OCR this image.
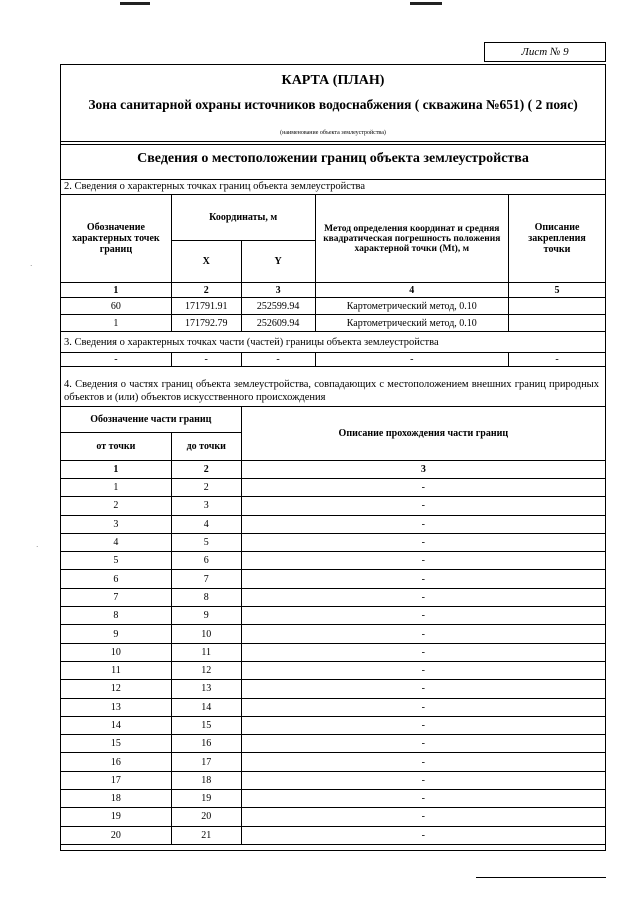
·
·
Лист № 9
КАРТА (ПЛАН)
Зона санитарной охраны источников водоснабжения ( скважина №651) ( 2 пояс)
(наименование объекта землеустройства)
Сведения о местоположении границ объекта землеустройства
2. Сведения о характерных точках границ объекта землеустройства
Обозначение характерных точек границ	Координаты, м		Метод определения координат и средняя квадратическая погрешность положения характерной точки (Mt), м	Описание закрепления точки
	X	Y		
1	2	3	4	5
60	171791.91	252599.94	Картометрический метод, 0.10	
1	171792.79	252609.94	Картометрический метод, 0.10	
3. Сведения о характерных точках части (частей) границы объекта землеустройства				
-	-	-	-	-
4. Сведения о частях границ объекта землеустройства, совпадающих с местоположением внешних границ природных объектов и (или) объектов искусственного происхождения
Обозначение части границ		Описание прохождения части границ
от точки	до точки	
1	2	3
1	2	-
2	3	-
3	4	-
4	5	-
5	6	-
6	7	-
7	8	-
8	9	-
9	10	-
10	11	-
11	12	-
12	13	-
13	14	-
14	15	-
15	16	-
16	17	-
17	18	-
18	19	-
19	20	-
20	21	-
